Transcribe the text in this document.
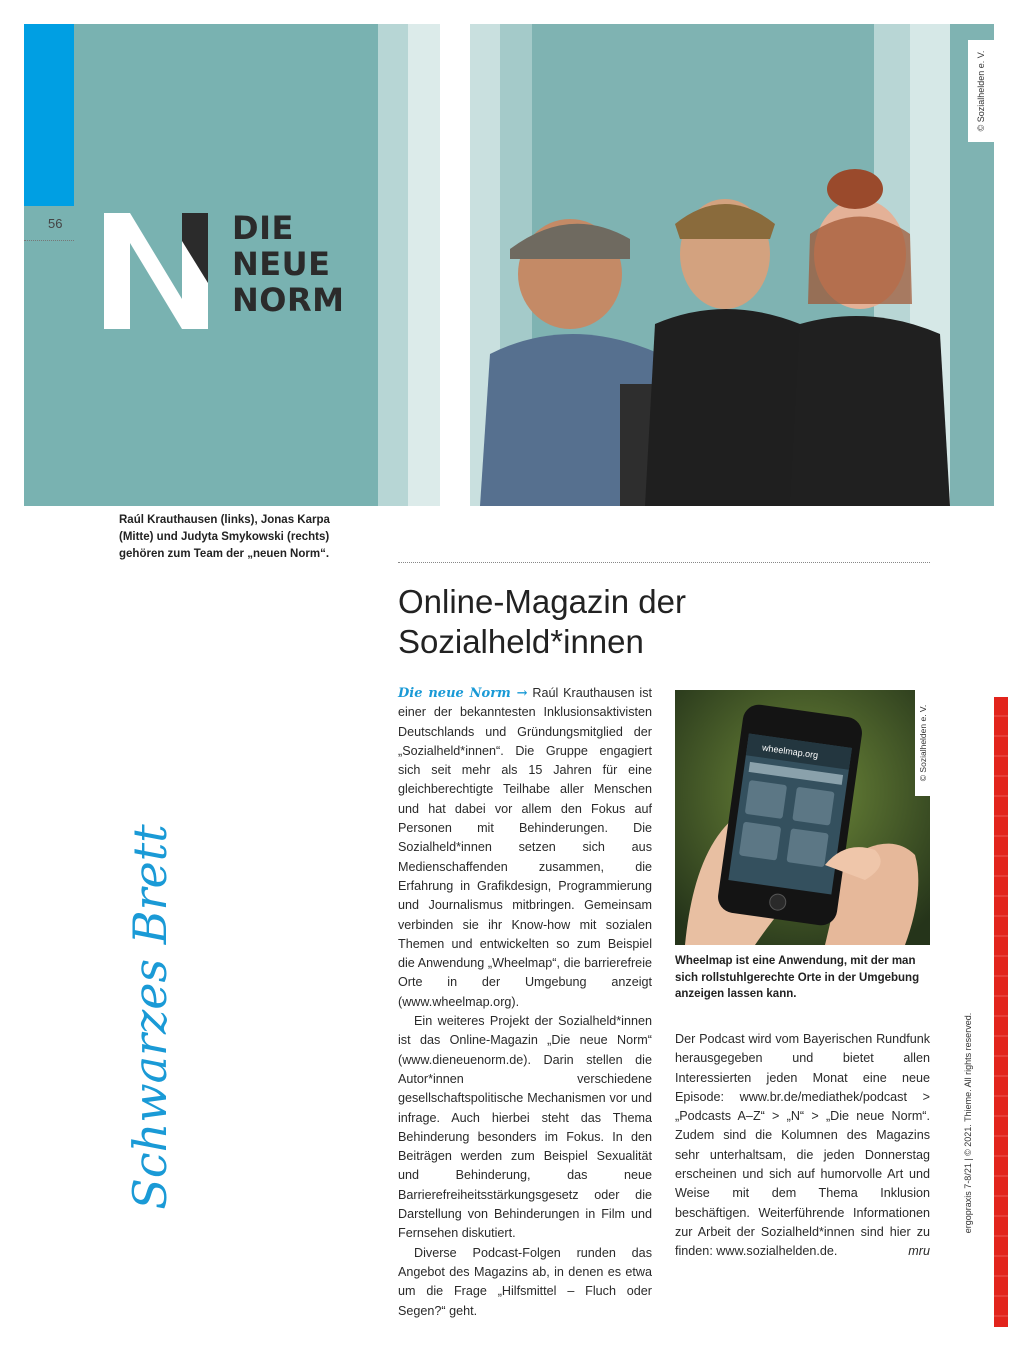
56	DIE
NEUE
NORM
© Sozialhelden e. V.
Raúl Krauthausen (links), Jonas Karpa (Mitte) und Judyta Smykowski (rechts) gehören zum Team der „neuen Norm“.
Online-Magazin der
Sozialheld*innen
Schwarzes Brett

Die neue Norm → Raúl Krauthausen ist einer der bekanntesten Inklusionsaktivisten Deutschlands und Gründungsmitglied der „Sozialheld*innen“. Die Gruppe engagiert sich seit mehr als 15 Jahren für eine gleichberechtigte Teilhabe aller Menschen und hat dabei vor allem den Fokus auf Personen mit Behinderungen. Die Sozialheld*innen setzen sich aus Medienschaffenden zusammen, die Erfahrung in Grafikdesign, Programmierung und Journalismus mitbringen. Gemeinsam verbinden sie ihr Know-how mit sozialen Themen und entwickelten so zum Beispiel die Anwendung „Wheelmap“, die barrierefreie Orte in der Umgebung anzeigt (www.wheelmap.org).

Ein weiteres Projekt der Sozialheld*innen ist das Online-Magazin „Die neue Norm“ (www.dieneuenorm.de). Darin stellen die Autor*innen verschiedene gesellschaftspolitische Mechanismen vor und infrage. Auch hierbei steht das Thema Behinderung besonders im Fokus. In den Beiträgen werden zum Beispiel Sexualität und Behinderung, das neue Barrierefreiheitsstärkungsgesetz oder die Darstellung von Behinderungen in Film und Fernsehen diskutiert.

Diverse Podcast-Folgen runden das Angebot des Magazins ab, in denen es etwa um die Frage „Hilfsmittel – Fluch oder Segen?“ geht.

wheelmap.org	© Sozialhelden e. V.
Wheelmap ist eine Anwendung, mit der man sich rollstuhlgerechte Orte in der Umgebung anzeigen lassen kann.

Der Podcast wird vom Bayerischen Rundfunk herausgegeben und bietet allen Interessierten jeden Monat eine neue Episode: www.br.de/mediathek/podcast > „Podcasts A–Z“ > „N“ > „Die neue Norm“. Zudem sind die Kolumnen des Magazins sehr unterhaltsam, die jeden Donnerstag erscheinen und sich auf humorvolle Art und Weise mit dem Thema Inklusion beschäftigen. Weiterführende Informationen zur Arbeit der Sozialheld*innen sind hier zu finden: www.sozialhelden.de.	mru

ergopraxis 7-8/21 | © 2021. Thieme. All rights reserved.
